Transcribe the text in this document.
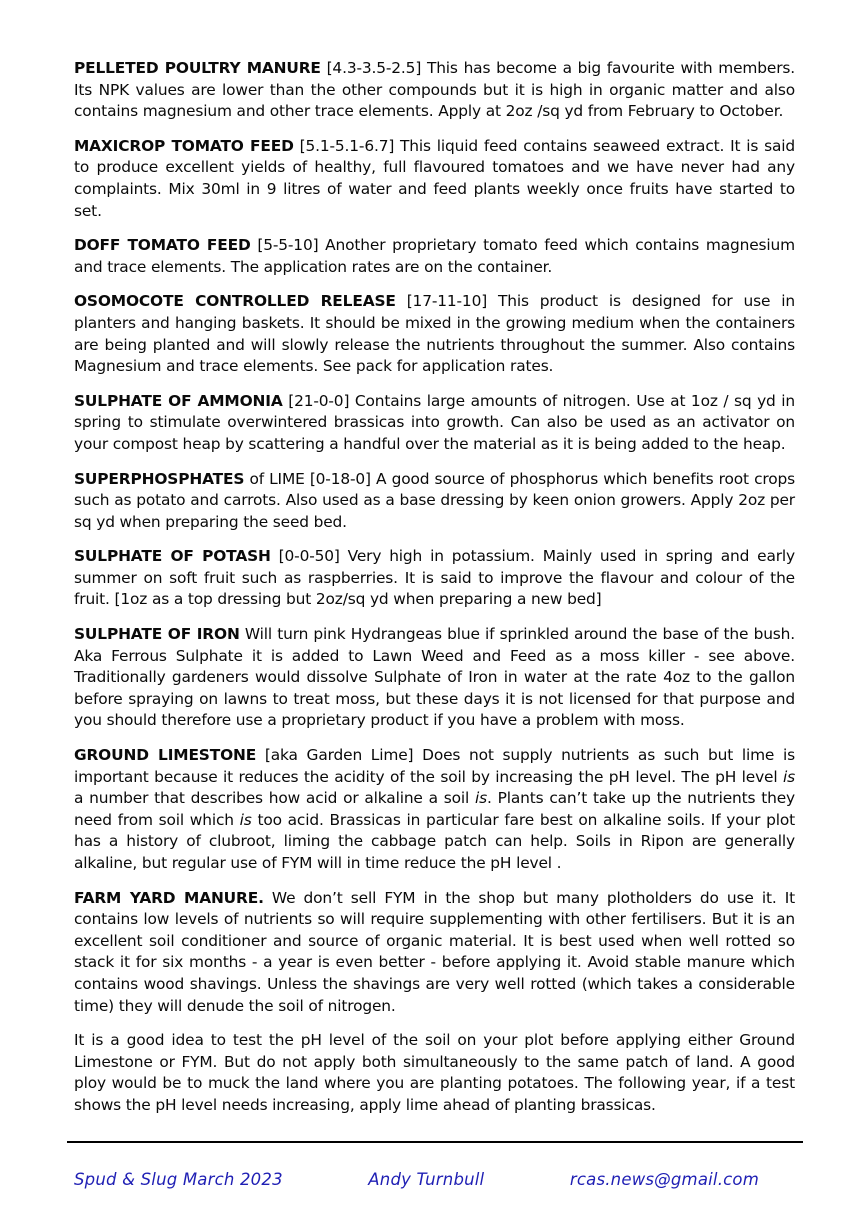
PELLETED POULTRY MANURE [4.3-3.5-2.5] This has become a big favourite with members. Its NPK values are lower than the other compounds but it is high in organic matter and also contains magnesium and other trace elements. Apply at 2oz /sq yd from February to October.

MAXICROP TOMATO FEED [5.1-5.1-6.7] This liquid feed contains seaweed extract. It is said to produce excellent yields of healthy, full flavoured tomatoes and we have never had any complaints. Mix 30ml in 9 litres of water and feed plants weekly once fruits have started to set.

DOFF TOMATO FEED [5-5-10] Another proprietary tomato feed which contains magnesium and trace elements. The application rates are on the container.

OSOMOCOTE CONTROLLED RELEASE [17-11-10] This product is designed for use in planters and hanging baskets. It should be mixed in the growing medium when the containers are being planted and will slowly release the nutrients throughout the summer. Also contains Magnesium and trace elements. See pack for application rates.

SULPHATE OF AMMONIA [21-0-0] Contains large amounts of nitrogen. Use at 1oz / sq yd in spring to stimulate overwintered brassicas into growth. Can also be used as an activator on your compost heap by scattering a handful over the material as it is being added to the heap.

SUPERPHOSPHATES of LIME [0-18-0] A good source of phosphorus which benefits root crops such as potato and carrots. Also used as a base dressing by keen onion growers. Apply 2oz per sq yd when preparing the seed bed.

SULPHATE OF POTASH [0-0-50] Very high in potassium. Mainly used in spring and early summer on soft fruit such as raspberries. It is said to improve the flavour and colour of the fruit. [1oz as a top dressing but 2oz/sq yd when preparing a new bed]

SULPHATE OF IRON Will turn pink Hydrangeas blue if sprinkled around the base of the bush. Aka Ferrous Sulphate it is added to Lawn Weed and Feed as a moss killer - see above. Traditionally gardeners would dissolve Sulphate of Iron in water at the rate 4oz to the gallon before spraying on lawns to treat moss, but these days it is not licensed for that purpose and you should therefore use a proprietary product if you have a problem with moss.

GROUND LIMESTONE [aka Garden Lime] Does not supply nutrients as such but lime is important because it reduces the acidity of the soil by increasing the pH level. The pH level is a number that describes how acid or alkaline a soil is. Plants can’t take up the nutrients they need from soil which is too acid. Brassicas in particular fare best on alkaline soils. If your plot has a history of clubroot, liming the cabbage patch can help. Soils in Ripon are generally alkaline, but regular use of FYM will in time reduce the pH level .

FARM YARD MANURE. We don’t sell FYM in the shop but many plotholders do use it. It contains low levels of nutrients so will require supplementing with other fertilisers. But it is an excellent soil conditioner and source of organic material. It is best used when well rotted so stack it for six months - a year is even better - before applying it. Avoid stable manure which contains wood shavings. Unless the shavings are very well rotted (which takes a considerable time) they will denude the soil of nitrogen.

It is a good idea to test the pH level of the soil on your plot before applying either Ground Limestone or FYM. But do not apply both simultaneously to the same patch of land. A good ploy would be to muck the land where you are planting potatoes. The following year, if a test shows the pH level needs increasing, apply lime ahead of planting brassicas.

Spud & Slug March 2023	Andy Turnbull	rcas.news@gmail.com
